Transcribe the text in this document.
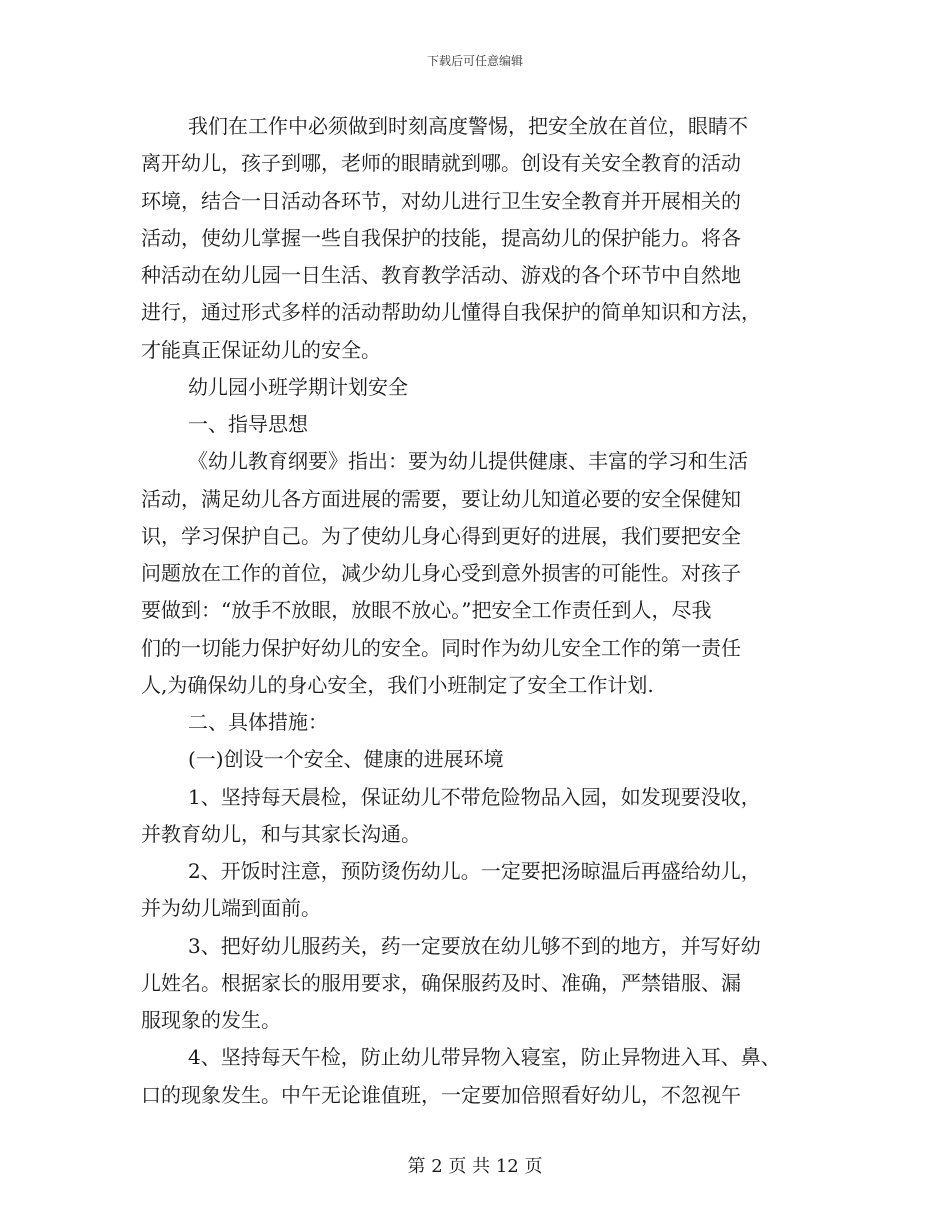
下载后可任意编辑
我们在工作中必须做到时刻高度警惕，把安全放在首位，眼睛不
离开幼儿，孩子到哪，老师的眼睛就到哪。创设有关安全教育的活动
环境，结合一日活动各环节，对幼儿进行卫生安全教育并开展相关的
活动，使幼儿掌握一些自我保护的技能，提高幼儿的保护能力。将各
种活动在幼儿园一日生活、教育教学活动、游戏的各个环节中自然地
进行，通过形式多样的活动帮助幼儿懂得自我保护的简单知识和方法，
才能真正保证幼儿的安全。
幼儿园小班学期计划安全
一、指导思想
《幼儿教育纲要》指出：要为幼儿提供健康、丰富的学习和生活
活动，满足幼儿各方面进展的需要，要让幼儿知道必要的安全保健知
识，学习保护自己。为了使幼儿身心得到更好的进展，我们要把安全
问题放在工作的首位，减少幼儿身心受到意外损害的可能性。对孩子
要做到：“放手不放眼，放眼不放心。”把安全工作责任到人，尽我
们的一切能力保护好幼儿的安全。同时作为幼儿安全工作的第一责任
人,为确保幼儿的身心安全，我们小班制定了安全工作计划.
二、具体措施：
(一)创设一个安全、健康的进展环境
1、坚持每天晨检，保证幼儿不带危险物品入园，如发现要没收，
并教育幼儿，和与其家长沟通。
2、开饭时注意，预防烫伤幼儿。一定要把汤晾温后再盛给幼儿，
并为幼儿端到面前。
3、把好幼儿服药关，药一定要放在幼儿够不到的地方，并写好幼
儿姓名。根据家长的服用要求，确保服药及时、准确，严禁错服、漏
服现象的发生。
4、坚持每天午检，防止幼儿带异物入寝室，防止异物进入耳、鼻、
口的现象发生。中午无论谁值班，一定要加倍照看好幼儿，不忽视午
第 2 页 共 12 页
